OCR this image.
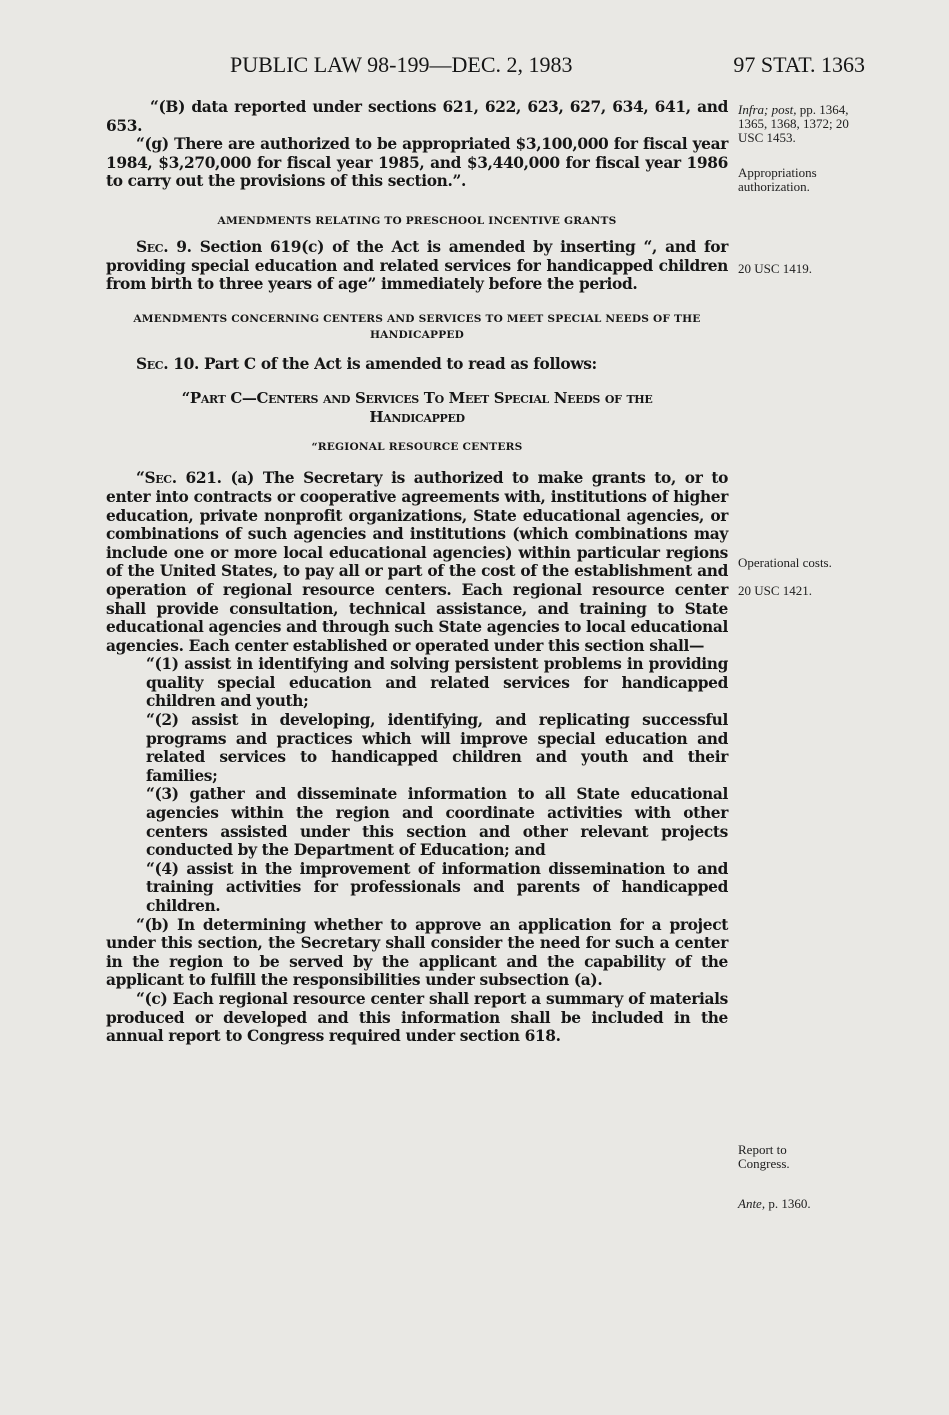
PUBLIC LAW 98-199—DEC. 2, 1983	97 STAT. 1363

“(B) data reported under sections 621, 622, 623, 627, 634, 641, and 653.

“(g) There are authorized to be appropriated $3,100,000 for fiscal year 1984, $3,270,000 for fiscal year 1985, and $3,440,000 for fiscal year 1986 to carry out the provisions of this section.”.

AMENDMENTS RELATING TO PRESCHOOL INCENTIVE GRANTS

Sec. 9. Section 619(c) of the Act is amended by inserting “, and for providing special education and related services for handicapped children from birth to three years of age” immediately before the period.

AMENDMENTS CONCERNING CENTERS AND SERVICES TO MEET SPECIAL NEEDS OF THE HANDICAPPED

Sec. 10. Part C of the Act is amended to read as follows:

“Part C—Centers and Services To Meet Special Needs of the Handicapped

“REGIONAL RESOURCE CENTERS

“Sec. 621. (a) The Secretary is authorized to make grants to, or to enter into contracts or cooperative agreements with, institutions of higher education, private nonprofit organizations, State educational agencies, or combinations of such agencies and institutions (which combinations may include one or more local educational agencies) within particular regions of the United States, to pay all or part of the cost of the establishment and operation of regional resource centers. Each regional resource center shall provide consultation, technical assistance, and training to State educational agencies and through such State agencies to local educational agencies. Each center established or operated under this section shall—

“(1) assist in identifying and solving persistent problems in providing quality special education and related services for handicapped children and youth;

“(2) assist in developing, identifying, and replicating successful programs and practices which will improve special education and related services to handicapped children and youth and their families;

“(3) gather and disseminate information to all State educational agencies within the region and coordinate activities with other centers assisted under this section and other relevant projects conducted by the Department of Education; and

“(4) assist in the improvement of information dissemination to and training activities for professionals and parents of handicapped children.

“(b) In determining whether to approve an application for a project under this section, the Secretary shall consider the need for such a center in the region to be served by the applicant and the capability of the applicant to fulfill the responsibilities under subsection (a).

“(c) Each regional resource center shall report a summary of materials produced or developed and this information shall be included in the annual report to Congress required under section 618.

Infra; post, pp. 1364, 1365, 1368, 1372; 20 USC 1453.
Appropriations authorization.
20 USC 1419.
Operational costs.
20 USC 1421.
Report to Congress.
Ante, p. 1360.
